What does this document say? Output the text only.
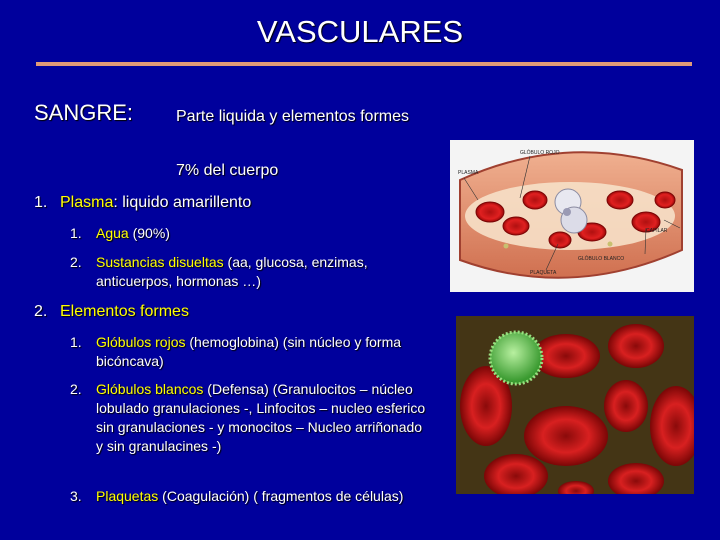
VASCULARES
SANGRE:	Parte liquida y elementos formes
7% del cuerpo
1. Plasma: liquido amarillento
1.	Agua (90%)
2.	Sustancias disueltas (aa, glucosa, enzimas, anticuerpos, hormonas …)
2. Elementos formes
1.	Glóbulos rojos (hemoglobina) (sin núcleo y forma bicóncava)
2.	Glóbulos blancos (Defensa) (Granulocitos – núcleo lobulado granulaciones -, Linfocitos – nucleo esferico sin granulaciones - y monocitos – Nucleo arriñonado y sin granulacines -)
3.	Plaquetas (Coagulación) ( fragmentos de células)
GLÓBULO ROJO
PLASMA
CAPILAR
GLÓBULO BLANCO
PLAQUETA
